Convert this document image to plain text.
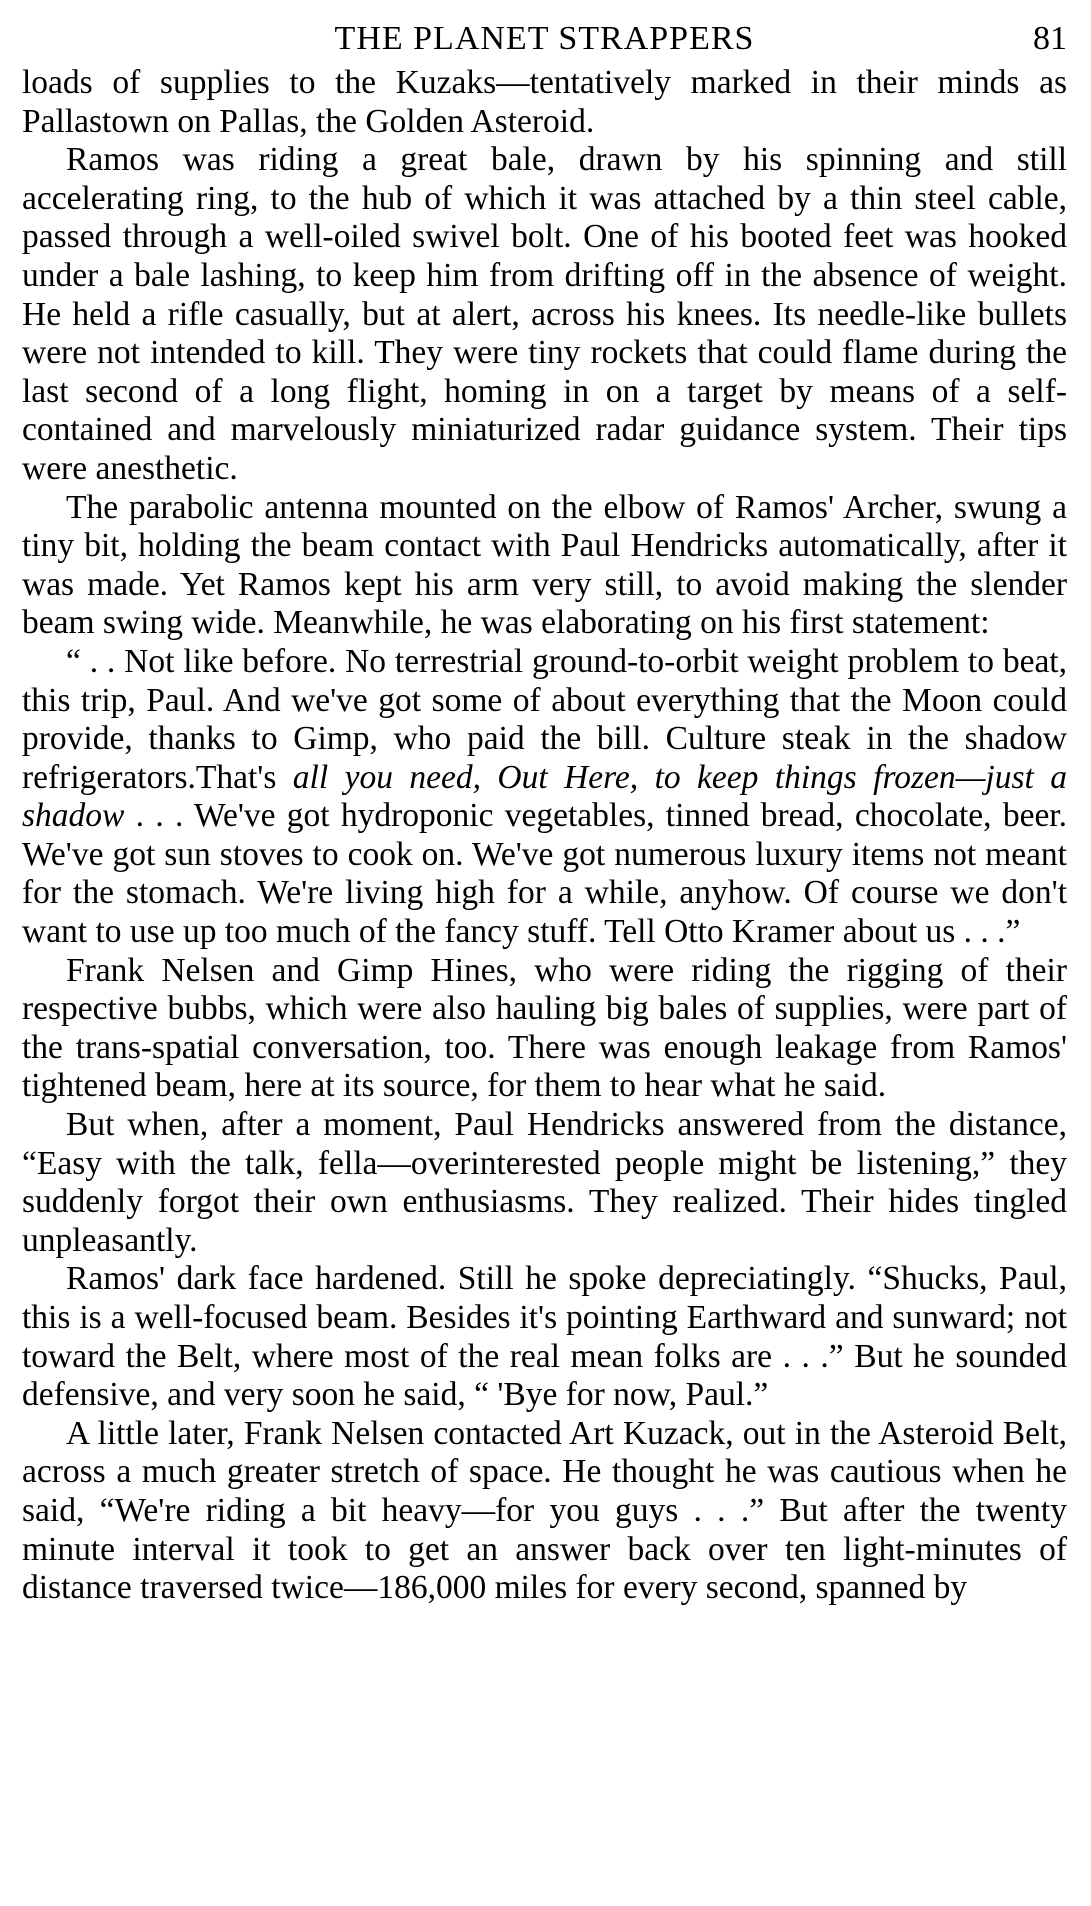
THE PLANET STRAPPERS	81

loads of supplies to the Kuzaks—tentatively marked in their minds as Pallastown on Pallas, the Golden Asteroid.

Ramos was riding a great bale, drawn by his spinning and still accelerating ring, to the hub of which it was attached by a thin steel cable, passed through a well-oiled swivel bolt. One of his booted feet was hooked under a bale lashing, to keep him from drifting off in the absence of weight. He held a rifle casually, but at alert, across his knees. Its needle-like bullets were not intended to kill. They were tiny rockets that could flame during the last second of a long flight, homing in on a target by means of a self-contained and marvelously miniaturized radar guidance system. Their tips were anesthetic.

The parabolic antenna mounted on the elbow of Ramos' Archer, swung a tiny bit, holding the beam contact with Paul Hendricks automatically, after it was made. Yet Ramos kept his arm very still, to avoid making the slender beam swing wide. Meanwhile, he was elaborating on his first statement:

“ . . Not like before. No terrestrial ground-to-orbit weight problem to beat, this trip, Paul. And we've got some of about everything that the Moon could provide, thanks to Gimp, who paid the bill. Culture steak in the shadow refrigerators.That's all you need, Out Here, to keep things frozen—just a shadow . . . We've got hydroponic vegetables, tinned bread, chocolate, beer. We've got sun stoves to cook on. We've got numerous luxury items not meant for the stomach. We're living high for a while, anyhow. Of course we don't want to use up too much of the fancy stuff. Tell Otto Kramer about us . . .”

Frank Nelsen and Gimp Hines, who were riding the rigging of their respective bubbs, which were also hauling big bales of supplies, were part of the trans-spatial conversation, too. There was enough leakage from Ramos' tightened beam, here at its source, for them to hear what he said.

But when, after a moment, Paul Hendricks answered from the distance, “Easy with the talk, fella—overinterested people might be listening,” they suddenly forgot their own enthusiasms. They realized. Their hides tingled unpleasantly.

Ramos' dark face hardened. Still he spoke depreciatingly. “Shucks, Paul, this is a well-focused beam. Besides it's pointing Earthward and sunward; not toward the Belt, where most of the real mean folks are . . .” But he sounded defensive, and very soon he said, “ 'Bye for now, Paul.”

A little later, Frank Nelsen contacted Art Kuzack, out in the Asteroid Belt, across a much greater stretch of space. He thought he was cautious when he said, “We're riding a bit heavy—for you guys . . .” But after the twenty minute interval it took to get an answer back over ten light-minutes of distance traversed twice—186,000 miles for every second, spanned by
